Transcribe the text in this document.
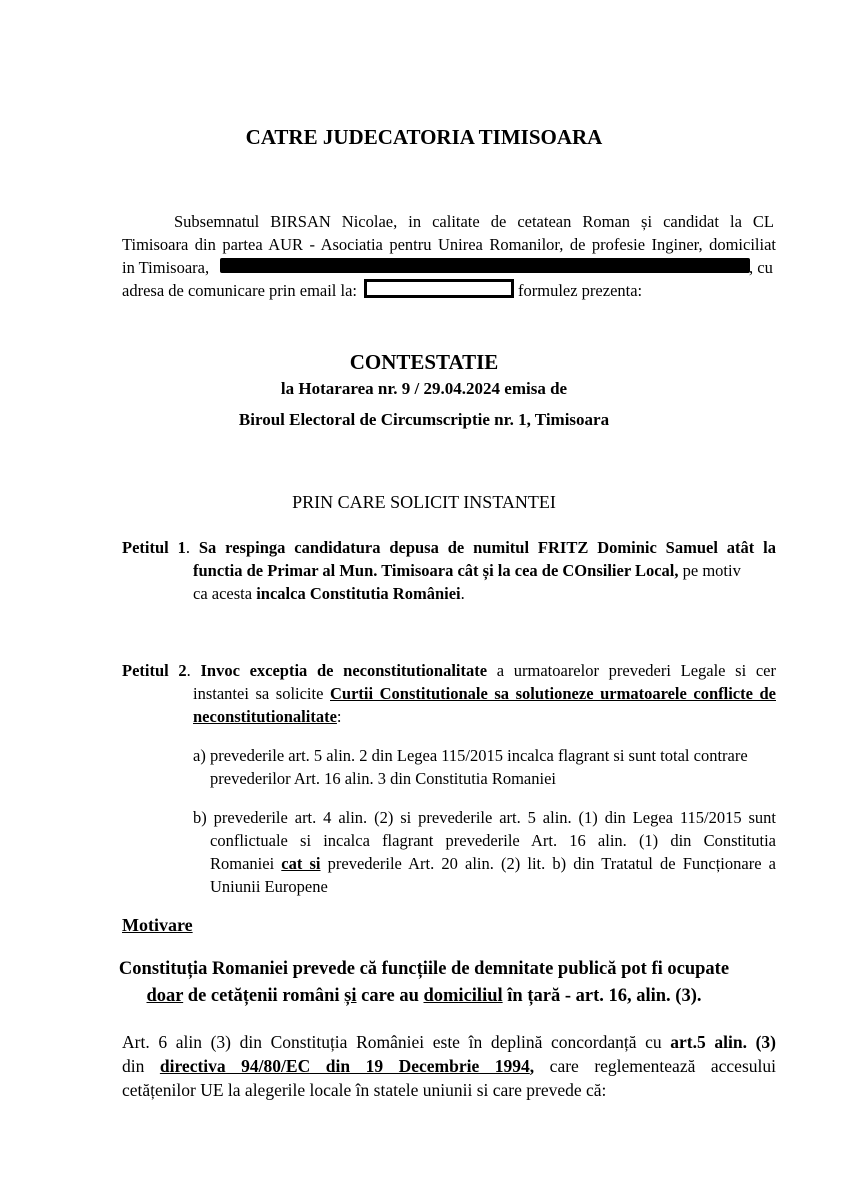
CATRE JUDECATORIA TIMISOARA
Subsemnatul BIRSAN Nicolae, in calitate de cetatean Roman și candidat la CL
Timisoara din partea AUR - Asociatia pentru Unirea Romanilor, de profesie Inginer, domiciliat
in Timisoara,	, cu
adresa de comunicare prin email la:	formulez prezenta:
CONTESTATIE
la Hotararea nr. 9 / 29.04.2024 emisa de
Biroul Electoral de Circumscriptie nr. 1, Timisoara
PRIN CARE SOLICIT INSTANTEI
Petitul 1. Sa respinga candidatura depusa de numitul FRITZ Dominic Samuel atât la
functia de Primar al Mun. Timisoara cât și la cea de COnsilier Local, pe motiv
ca acesta incalca Constitutia României.
Petitul 2. Invoc exceptia de neconstitutionalitate a urmatoarelor prevederi Legale si cer
instantei sa solicite Curtii Constitutionale sa solutioneze urmatoarele conflicte de
neconstitutionalitate:
a) prevederile art. 5 alin. 2 din Legea 115/2015 incalca flagrant si sunt total contrare
prevederilor Art. 16 alin. 3 din Constitutia Romaniei
b) prevederile art. 4 alin. (2) si prevederile art. 5 alin. (1) din Legea 115/2015 sunt
conflictuale si incalca flagrant prevederile Art. 16 alin. (1) din Constitutia
Romaniei cat si prevederile Art. 20 alin. (2) lit. b) din Tratatul de Funcționare a
Uniunii Europene
Motivare
Constituția Romaniei prevede că funcțiile de demnitate publică pot fi ocupate
doar de cetățenii români și care au domiciliul în țară - art. 16, alin. (3).
Art. 6 alin (3) din Constituția României este în deplină concordanță cu art.5 alin. (3)
din directiva 94/80/EC din 19 Decembrie 1994, care reglementează accesului
cetățenilor UE la alegerile locale în statele uniunii si care prevede că:
